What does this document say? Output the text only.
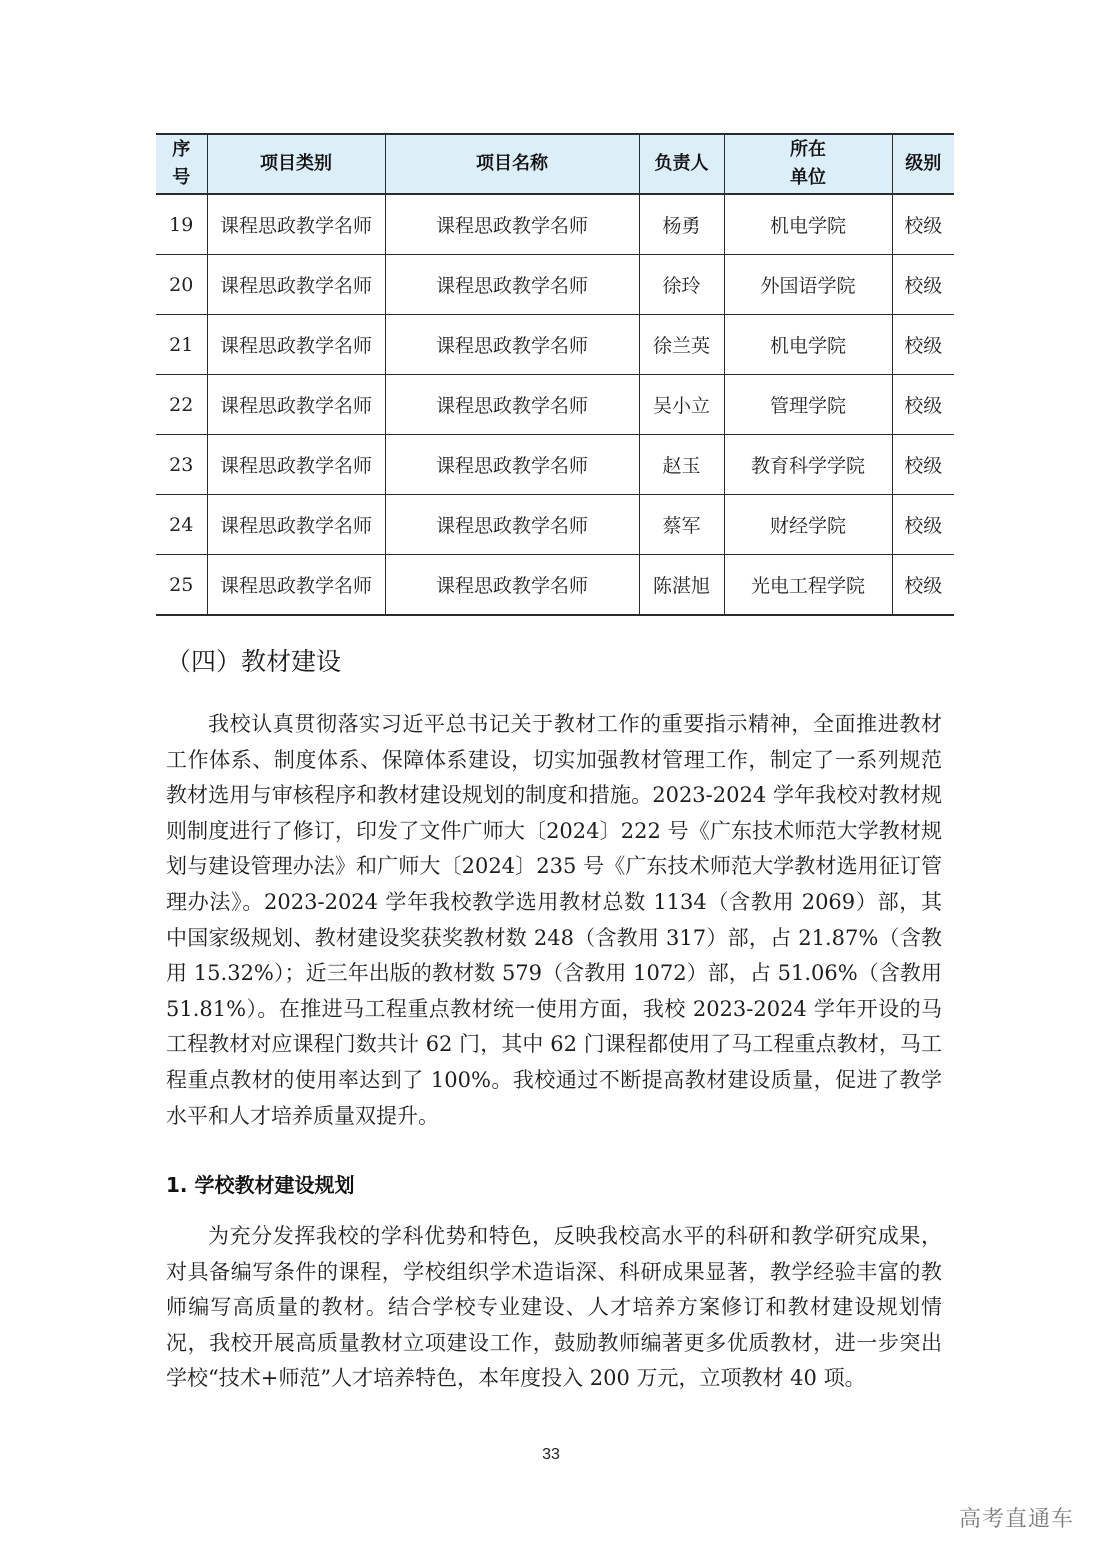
序号	项目类别	项目名称	负责人	所在单位	级别
19	课程思政教学名师	课程思政教学名师	杨勇	机电学院	校级
20	课程思政教学名师	课程思政教学名师	徐玲	外国语学院	校级
21	课程思政教学名师	课程思政教学名师	徐兰英	机电学院	校级
22	课程思政教学名师	课程思政教学名师	吴小立	管理学院	校级
23	课程思政教学名师	课程思政教学名师	赵玉	教育科学学院	校级
24	课程思政教学名师	课程思政教学名师	蔡军	财经学院	校级
25	课程思政教学名师	课程思政教学名师	陈湛旭	光电工程学院	校级
（四）教材建设

我校认真贯彻落实习近平总书记关于教材工作的重要指示精神，全面推进教材工作体系、制度体系、保障体系建设，切实加强教材管理工作，制定了一系列规范教材选用与审核程序和教材建设规划的制度和措施。2023-2024 学年我校对教材规则制度进行了修订，印发了文件广师大〔2024〕222 号《广东技术师范大学教材规划与建设管理办法》和广师大〔2024〕235 号《广东技术师范大学教材选用征订管理办法》。2023-2024 学年我校教学选用教材总数 1134（含教用 2069）部，其中国家级规划、教材建设奖获奖教材数 248（含教用 317）部，占 21.87%（含教用 15.32%）；近三年出版的教材数 579（含教用 1072）部，占 51.06%（含教用 51.81%）。在推进马工程重点教材统一使用方面，我校 2023-2024 学年开设的马工程教材对应课程门数共计 62 门，其中 62 门课程都使用了马工程重点教材，马工程重点教材的使用率达到了 100%。我校通过不断提高教材建设质量，促进了教学水平和人才培养质量双提升。

1. 学校教材建设规划

为充分发挥我校的学科优势和特色，反映我校高水平的科研和教学研究成果，对具备编写条件的课程，学校组织学术造诣深、科研成果显著，教学经验丰富的教师编写高质量的教材。结合学校专业建设、人才培养方案修订和教材建设规划情况，我校开展高质量教材立项建设工作，鼓励教师编著更多优质教材，进一步突出学校“技术+师范”人才培养特色，本年度投入 200 万元，立项教材 40 项。

33
高考直通车
